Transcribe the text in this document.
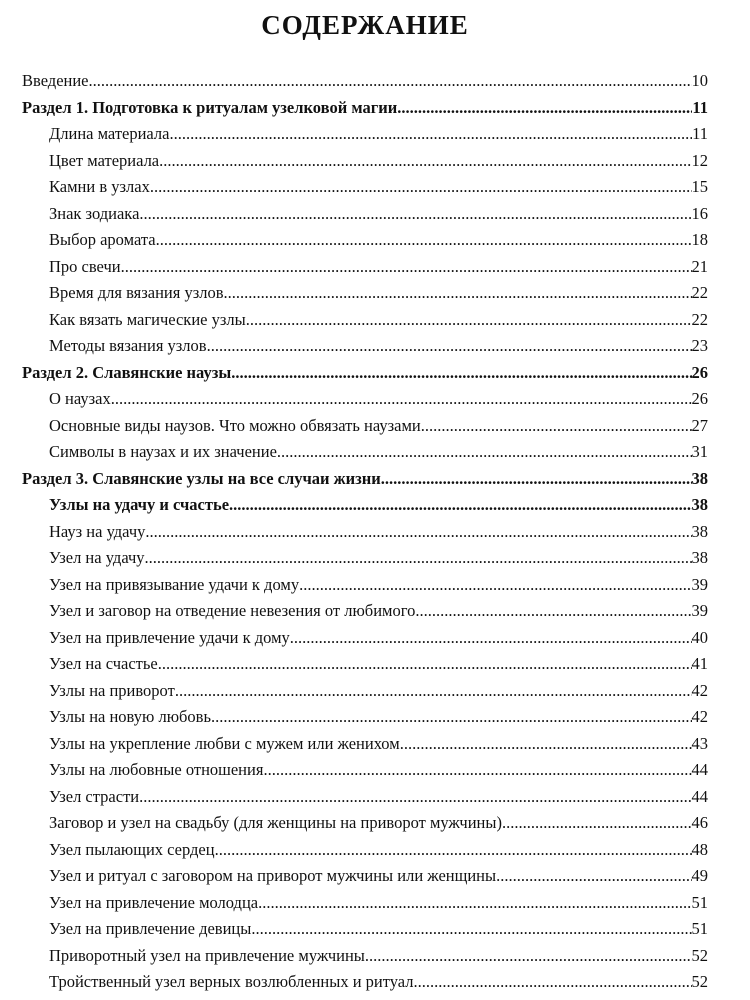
СОДЕРЖАНИЕ
Введение .....	10
Раздел 1. Подготовка к ритуалам узелковой магии .....	11
Длина материала .....	11
Цвет материала .....	12
Камни в узлах .....	15
Знак зодиака .....	16
Выбор аромата .....	18
Про свечи .....	21
Время для вязания узлов .....	22
Как вязать магические узлы .....	22
Методы вязания узлов .....	23
Раздел 2. Славянские наузы .....	26
О наузах .....	26
Основные виды наузов. Что можно обвязать наузами .....	27
Символы в наузах и их значение .....	31
Раздел 3. Славянские узлы на все случаи жизни .....	38
Узлы на удачу и счастье .....	38
Науз на удачу .....	38
Узел на удачу .....	38
Узел на привязывание удачи к дому .....	39
Узел и заговор на отведение невезения от любимого .....	39
Узел на привлечение удачи к дому .....	40
Узел на счастье .....	41
Узлы на приворот .....	42
Узлы на новую любовь .....	42
Узлы на укрепление любви с мужем или женихом .....	43
Узлы на любовные отношения .....	44
Узел страсти .....	44
Заговор и узел на свадьбу (для женщины на приворот мужчины) .....	46
Узел пылающих сердец .....	48
Узел и ритуал с заговором на приворот мужчины или женщины .....	49
Узел на привлечение молодца .....	51
Узел на привлечение девицы .....	51
Приворотный узел на привлечение мужчины .....	52
Тройственный узел верных возлюбленных и ритуал .....	52
